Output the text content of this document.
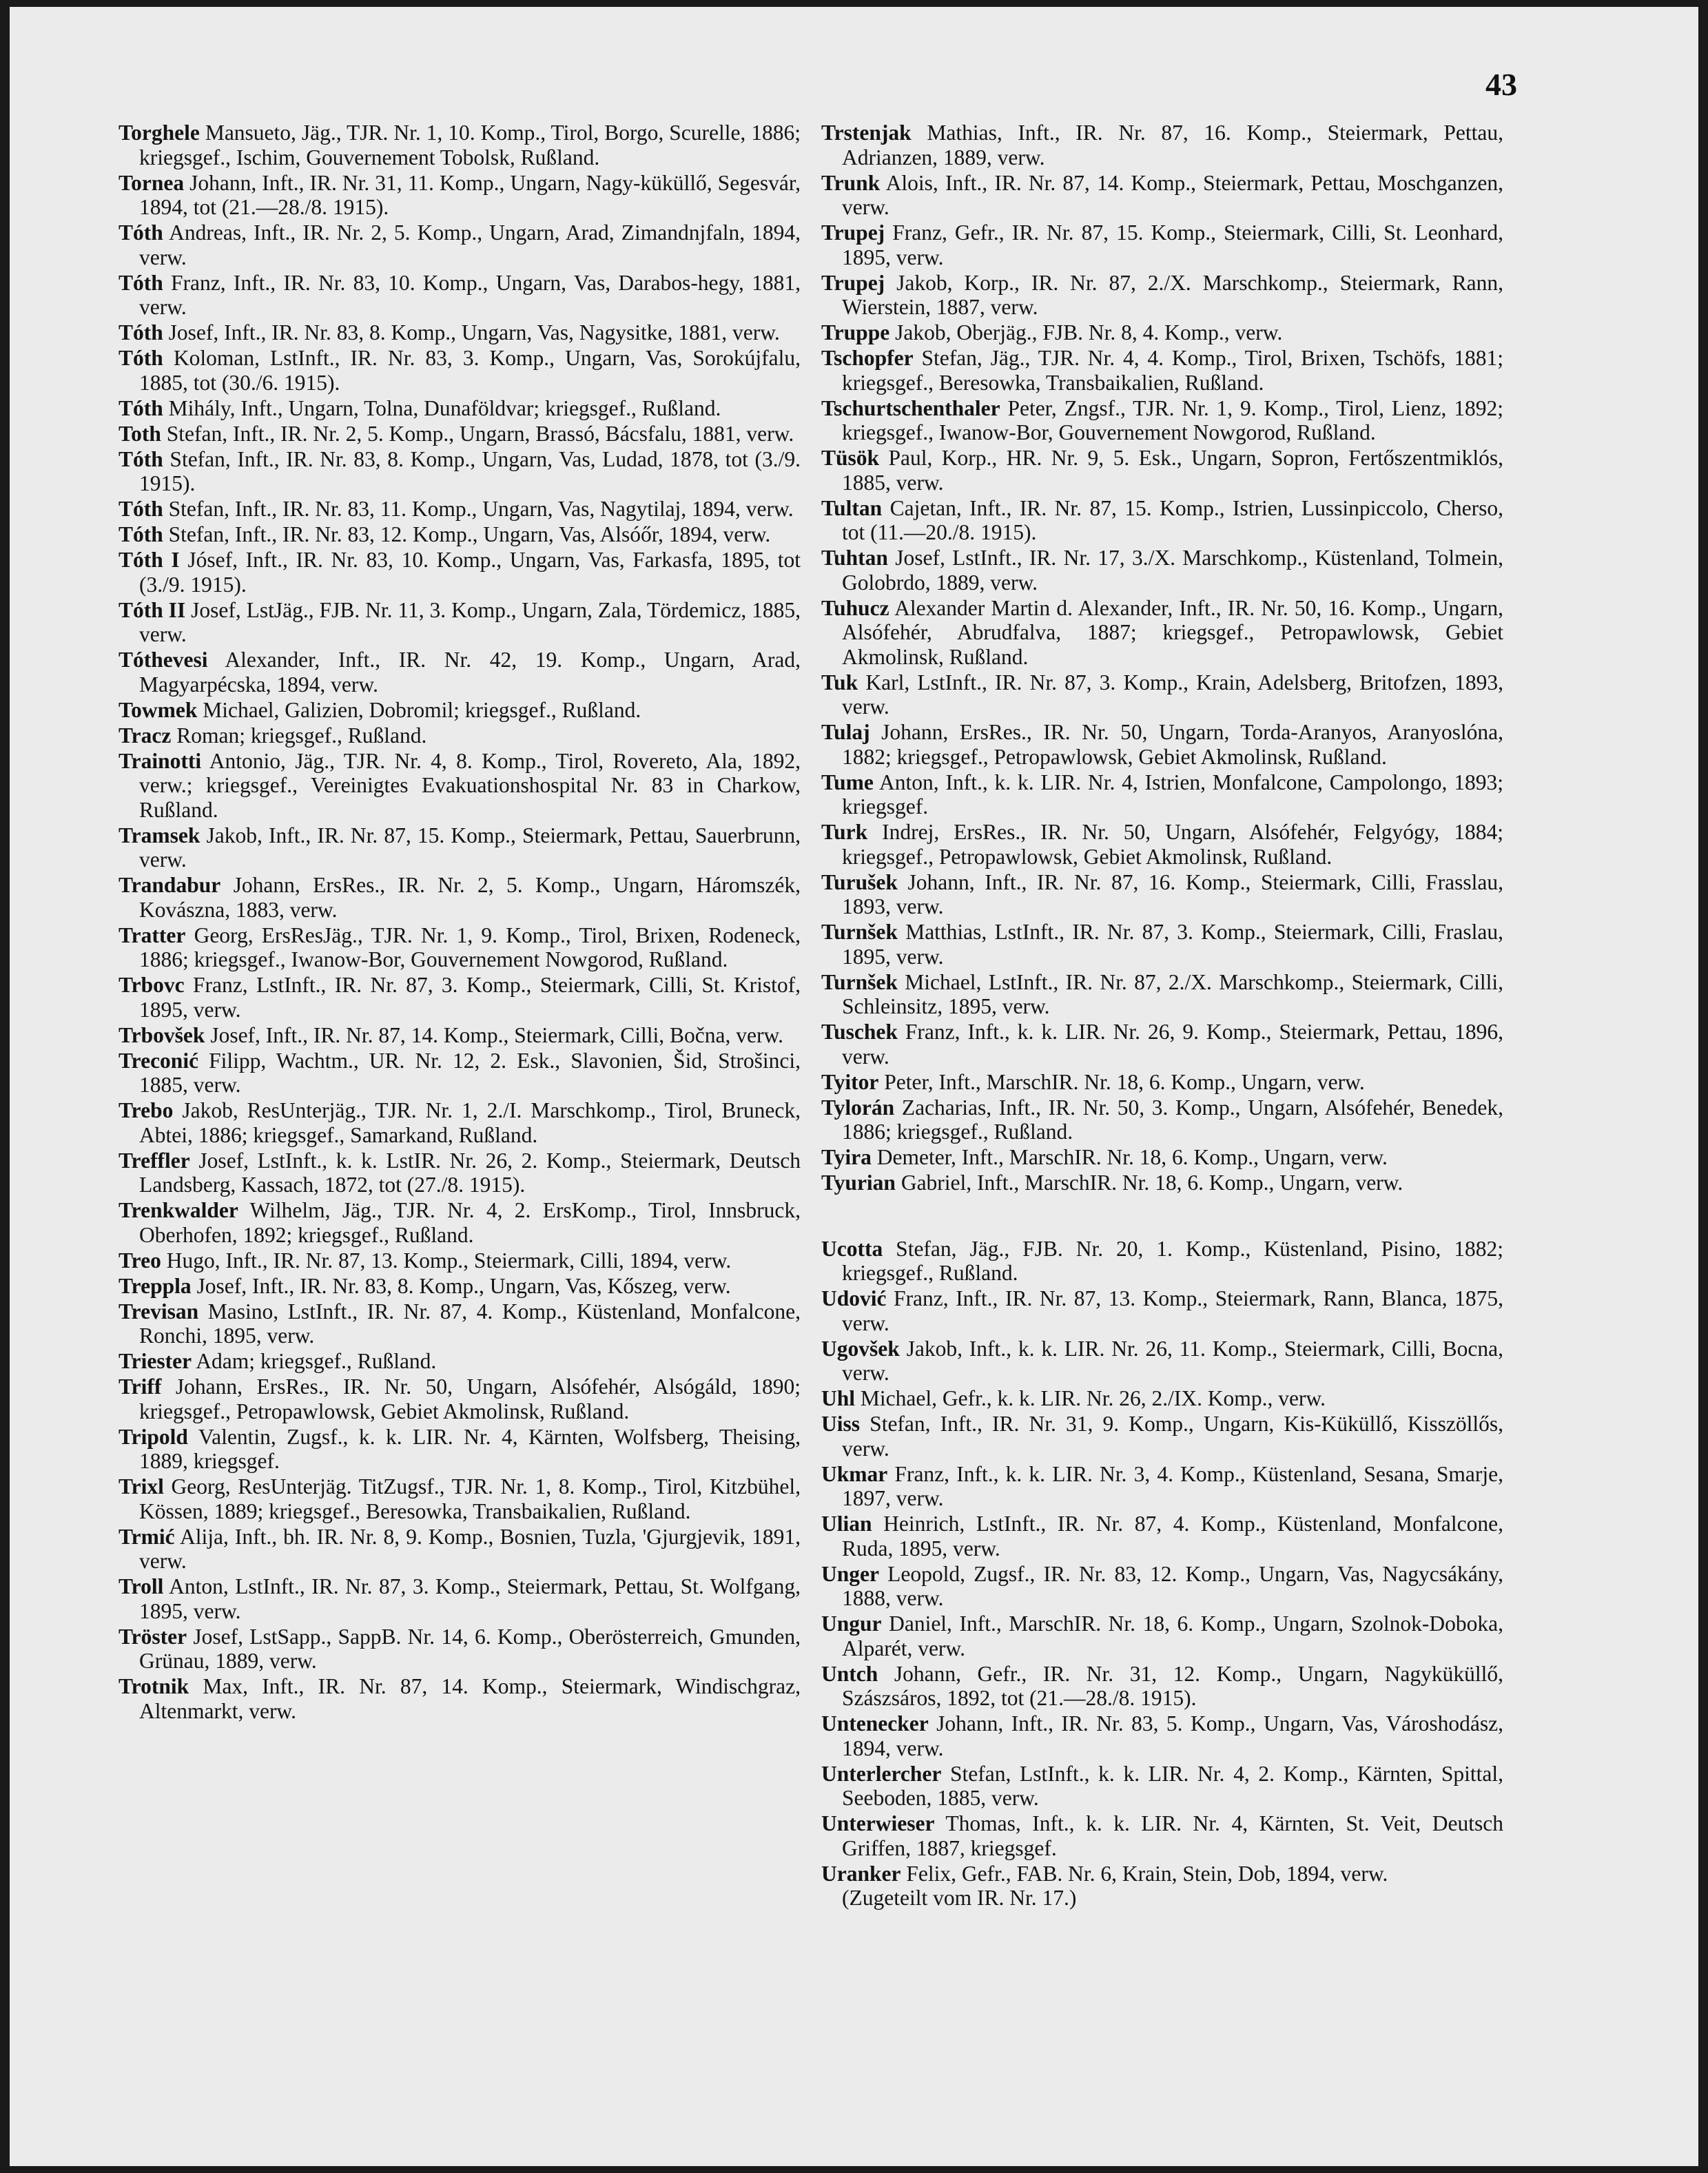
43

Torghele Mansueto, Jäg., TJR. Nr. 1, 10. Komp., Tirol, Borgo, Scurelle, 1886; kriegsgef., Ischim, Gouvernement Tobolsk, Rußland.

Tornea Johann, Inft., IR. Nr. 31, 11. Komp., Ungarn, Nagy-küküllő, Segesvár, 1894, tot (21.—28./8. 1915).

Tóth Andreas, Inft., IR. Nr. 2, 5. Komp., Ungarn, Arad, Zimandnjfaln, 1894, verw.

Tóth Franz, Inft., IR. Nr. 83, 10. Komp., Ungarn, Vas, Darabos-hegy, 1881, verw.

Tóth Josef, Inft., IR. Nr. 83, 8. Komp., Ungarn, Vas, Nagysitke, 1881, verw.

Tóth Koloman, LstInft., IR. Nr. 83, 3. Komp., Ungarn, Vas, Sorokújfalu, 1885, tot (30./6. 1915).

Tóth Mihály, Inft., Ungarn, Tolna, Dunaföldvar; kriegsgef., Rußland.

Toth Stefan, Inft., IR. Nr. 2, 5. Komp., Ungarn, Brassó, Bácsfalu, 1881, verw.

Tóth Stefan, Inft., IR. Nr. 83, 8. Komp., Ungarn, Vas, Ludad, 1878, tot (3./9. 1915).

Tóth Stefan, Inft., IR. Nr. 83, 11. Komp., Ungarn, Vas, Nagytilaj, 1894, verw.

Tóth Stefan, Inft., IR. Nr. 83, 12. Komp., Ungarn, Vas, Alsóőr, 1894, verw.

Tóth I Jósef, Inft., IR. Nr. 83, 10. Komp., Ungarn, Vas, Farkasfa, 1895, tot (3./9. 1915).

Tóth II Josef, LstJäg., FJB. Nr. 11, 3. Komp., Ungarn, Zala, Tördemicz, 1885, verw.

Tóthevesi Alexander, Inft., IR. Nr. 42, 19. Komp., Ungarn, Arad, Magyarpécska, 1894, verw.

Towmek Michael, Galizien, Dobromil; kriegsgef., Rußland.

Tracz Roman; kriegsgef., Rußland.

Trainotti Antonio, Jäg., TJR. Nr. 4, 8. Komp., Tirol, Rovereto, Ala, 1892, verw.; kriegsgef., Vereinigtes Evakuationshospital Nr. 83 in Charkow, Rußland.

Tramsek Jakob, Inft., IR. Nr. 87, 15. Komp., Steiermark, Pettau, Sauerbrunn, verw.

Trandabur Johann, ErsRes., IR. Nr. 2, 5. Komp., Ungarn, Háromszék, Kovászna, 1883, verw.

Tratter Georg, ErsResJäg., TJR. Nr. 1, 9. Komp., Tirol, Brixen, Rodeneck, 1886; kriegsgef., Iwanow-Bor, Gouvernement Nowgorod, Rußland.

Trbovc Franz, LstInft., IR. Nr. 87, 3. Komp., Steiermark, Cilli, St. Kristof, 1895, verw.

Trbovšek Josef, Inft., IR. Nr. 87, 14. Komp., Steiermark, Cilli, Bočna, verw.

Treconić Filipp, Wachtm., UR. Nr. 12, 2. Esk., Slavonien, Šid, Strošinci, 1885, verw.

Trebo Jakob, ResUnterjäg., TJR. Nr. 1, 2./I. Marschkomp., Tirol, Bruneck, Abtei, 1886; kriegsgef., Samarkand, Rußland.

Treffler Josef, LstInft., k. k. LstIR. Nr. 26, 2. Komp., Steiermark, Deutsch Landsberg, Kassach, 1872, tot (27./8. 1915).

Trenkwalder Wilhelm, Jäg., TJR. Nr. 4, 2. ErsKomp., Tirol, Innsbruck, Oberhofen, 1892; kriegsgef., Rußland.

Treo Hugo, Inft., IR. Nr. 87, 13. Komp., Steiermark, Cilli, 1894, verw.

Treppla Josef, Inft., IR. Nr. 83, 8. Komp., Ungarn, Vas, Kőszeg, verw.

Trevisan Masino, LstInft., IR. Nr. 87, 4. Komp., Küstenland, Monfalcone, Ronchi, 1895, verw.

Triester Adam; kriegsgef., Rußland.

Triff Johann, ErsRes., IR. Nr. 50, Ungarn, Alsófehér, Alsógáld, 1890; kriegsgef., Petropawlowsk, Gebiet Akmolinsk, Rußland.

Tripold Valentin, Zugsf., k. k. LIR. Nr. 4, Kärnten, Wolfsberg, Theising, 1889, kriegsgef.

Trixl Georg, ResUnterjäg. TitZugsf., TJR. Nr. 1, 8. Komp., Tirol, Kitzbühel, Kössen, 1889; kriegsgef., Beresowka, Transbaikalien, Rußland.

Trmić Alija, Inft., bh. IR. Nr. 8, 9. Komp., Bosnien, Tuzla, 'Gjurgjevik, 1891, verw.

Troll Anton, LstInft., IR. Nr. 87, 3. Komp., Steiermark, Pettau, St. Wolfgang, 1895, verw.

Tröster Josef, LstSapp., SappB. Nr. 14, 6. Komp., Oberösterreich, Gmunden, Grünau, 1889, verw.

Trotnik Max, Inft., IR. Nr. 87, 14. Komp., Steiermark, Windischgraz, Altenmarkt, verw.

Trstenjak Mathias, Inft., IR. Nr. 87, 16. Komp., Steiermark, Pettau, Adrianzen, 1889, verw.

Trunk Alois, Inft., IR. Nr. 87, 14. Komp., Steiermark, Pettau, Moschganzen, verw.

Trupej Franz, Gefr., IR. Nr. 87, 15. Komp., Steiermark, Cilli, St. Leonhard, 1895, verw.

Trupej Jakob, Korp., IR. Nr. 87, 2./X. Marschkomp., Steiermark, Rann, Wierstein, 1887, verw.

Truppe Jakob, Oberjäg., FJB. Nr. 8, 4. Komp., verw.

Tschopfer Stefan, Jäg., TJR. Nr. 4, 4. Komp., Tirol, Brixen, Tschöfs, 1881; kriegsgef., Beresowka, Transbaikalien, Rußland.

Tschurtschenthaler Peter, Zngsf., TJR. Nr. 1, 9. Komp., Tirol, Lienz, 1892; kriegsgef., Iwanow-Bor, Gouvernement Nowgorod, Rußland.

Tüsök Paul, Korp., HR. Nr. 9, 5. Esk., Ungarn, Sopron, Fertőszentmiklós, 1885, verw.

Tultan Cajetan, Inft., IR. Nr. 87, 15. Komp., Istrien, Lussinpiccolo, Cherso, tot (11.—20./8. 1915).

Tuhtan Josef, LstInft., IR. Nr. 17, 3./X. Marschkomp., Küstenland, Tolmein, Golobrdo, 1889, verw.

Tuhucz Alexander Martin d. Alexander, Inft., IR. Nr. 50, 16. Komp., Ungarn, Alsófehér, Abrudfalva, 1887; kriegsgef., Petropawlowsk, Gebiet Akmolinsk, Rußland.

Tuk Karl, LstInft., IR. Nr. 87, 3. Komp., Krain, Adelsberg, Britofzen, 1893, verw.

Tulaj Johann, ErsRes., IR. Nr. 50, Ungarn, Torda-Aranyos, Aranyoslóna, 1882; kriegsgef., Petropawlowsk, Gebiet Akmolinsk, Rußland.

Tume Anton, Inft., k. k. LIR. Nr. 4, Istrien, Monfalcone, Campolongo, 1893; kriegsgef.

Turk Indrej, ErsRes., IR. Nr. 50, Ungarn, Alsófehér, Felgyógy, 1884; kriegsgef., Petropawlowsk, Gebiet Akmolinsk, Rußland.

Turušek Johann, Inft., IR. Nr. 87, 16. Komp., Steiermark, Cilli, Frasslau, 1893, verw.

Turnšek Matthias, LstInft., IR. Nr. 87, 3. Komp., Steiermark, Cilli, Fraslau, 1895, verw.

Turnšek Michael, LstInft., IR. Nr. 87, 2./X. Marschkomp., Steiermark, Cilli, Schleinsitz, 1895, verw.

Tuschek Franz, Inft., k. k. LIR. Nr. 26, 9. Komp., Steiermark, Pettau, 1896, verw.

Tyitor Peter, Inft., MarschIR. Nr. 18, 6. Komp., Ungarn, verw.

Tylorán Zacharias, Inft., IR. Nr. 50, 3. Komp., Ungarn, Alsófehér, Benedek, 1886; kriegsgef., Rußland.

Tyira Demeter, Inft., MarschIR. Nr. 18, 6. Komp., Ungarn, verw.

Tyurian Gabriel, Inft., MarschIR. Nr. 18, 6. Komp., Ungarn, verw.

Ucotta Stefan, Jäg., FJB. Nr. 20, 1. Komp., Küstenland, Pisino, 1882; kriegsgef., Rußland.

Udović Franz, Inft., IR. Nr. 87, 13. Komp., Steiermark, Rann, Blanca, 1875, verw.

Ugovšek Jakob, Inft., k. k. LIR. Nr. 26, 11. Komp., Steiermark, Cilli, Bocna, verw.

Uhl Michael, Gefr., k. k. LIR. Nr. 26, 2./IX. Komp., verw.

Uiss Stefan, Inft., IR. Nr. 31, 9. Komp., Ungarn, Kis-Küküllő, Kisszöllős, verw.

Ukmar Franz, Inft., k. k. LIR. Nr. 3, 4. Komp., Küstenland, Sesana, Smarje, 1897, verw.

Ulian Heinrich, LstInft., IR. Nr. 87, 4. Komp., Küstenland, Monfalcone, Ruda, 1895, verw.

Unger Leopold, Zugsf., IR. Nr. 83, 12. Komp., Ungarn, Vas, Nagycsákány, 1888, verw.

Ungur Daniel, Inft., MarschIR. Nr. 18, 6. Komp., Ungarn, Szolnok-Doboka, Alparét, verw.

Untch Johann, Gefr., IR. Nr. 31, 12. Komp., Ungarn, Nagyküküllő, Szászsáros, 1892, tot (21.—28./8. 1915).

Untenecker Johann, Inft., IR. Nr. 83, 5. Komp., Ungarn, Vas, Városhodász, 1894, verw.

Unterlercher Stefan, LstInft., k. k. LIR. Nr. 4, 2. Komp., Kärnten, Spittal, Seeboden, 1885, verw.

Unterwieser Thomas, Inft., k. k. LIR. Nr. 4, Kärnten, St. Veit, Deutsch Griffen, 1887, kriegsgef.

Uranker Felix, Gefr., FAB. Nr. 6, Krain, Stein, Dob, 1894, verw.
(Zugeteilt vom IR. Nr. 17.)
